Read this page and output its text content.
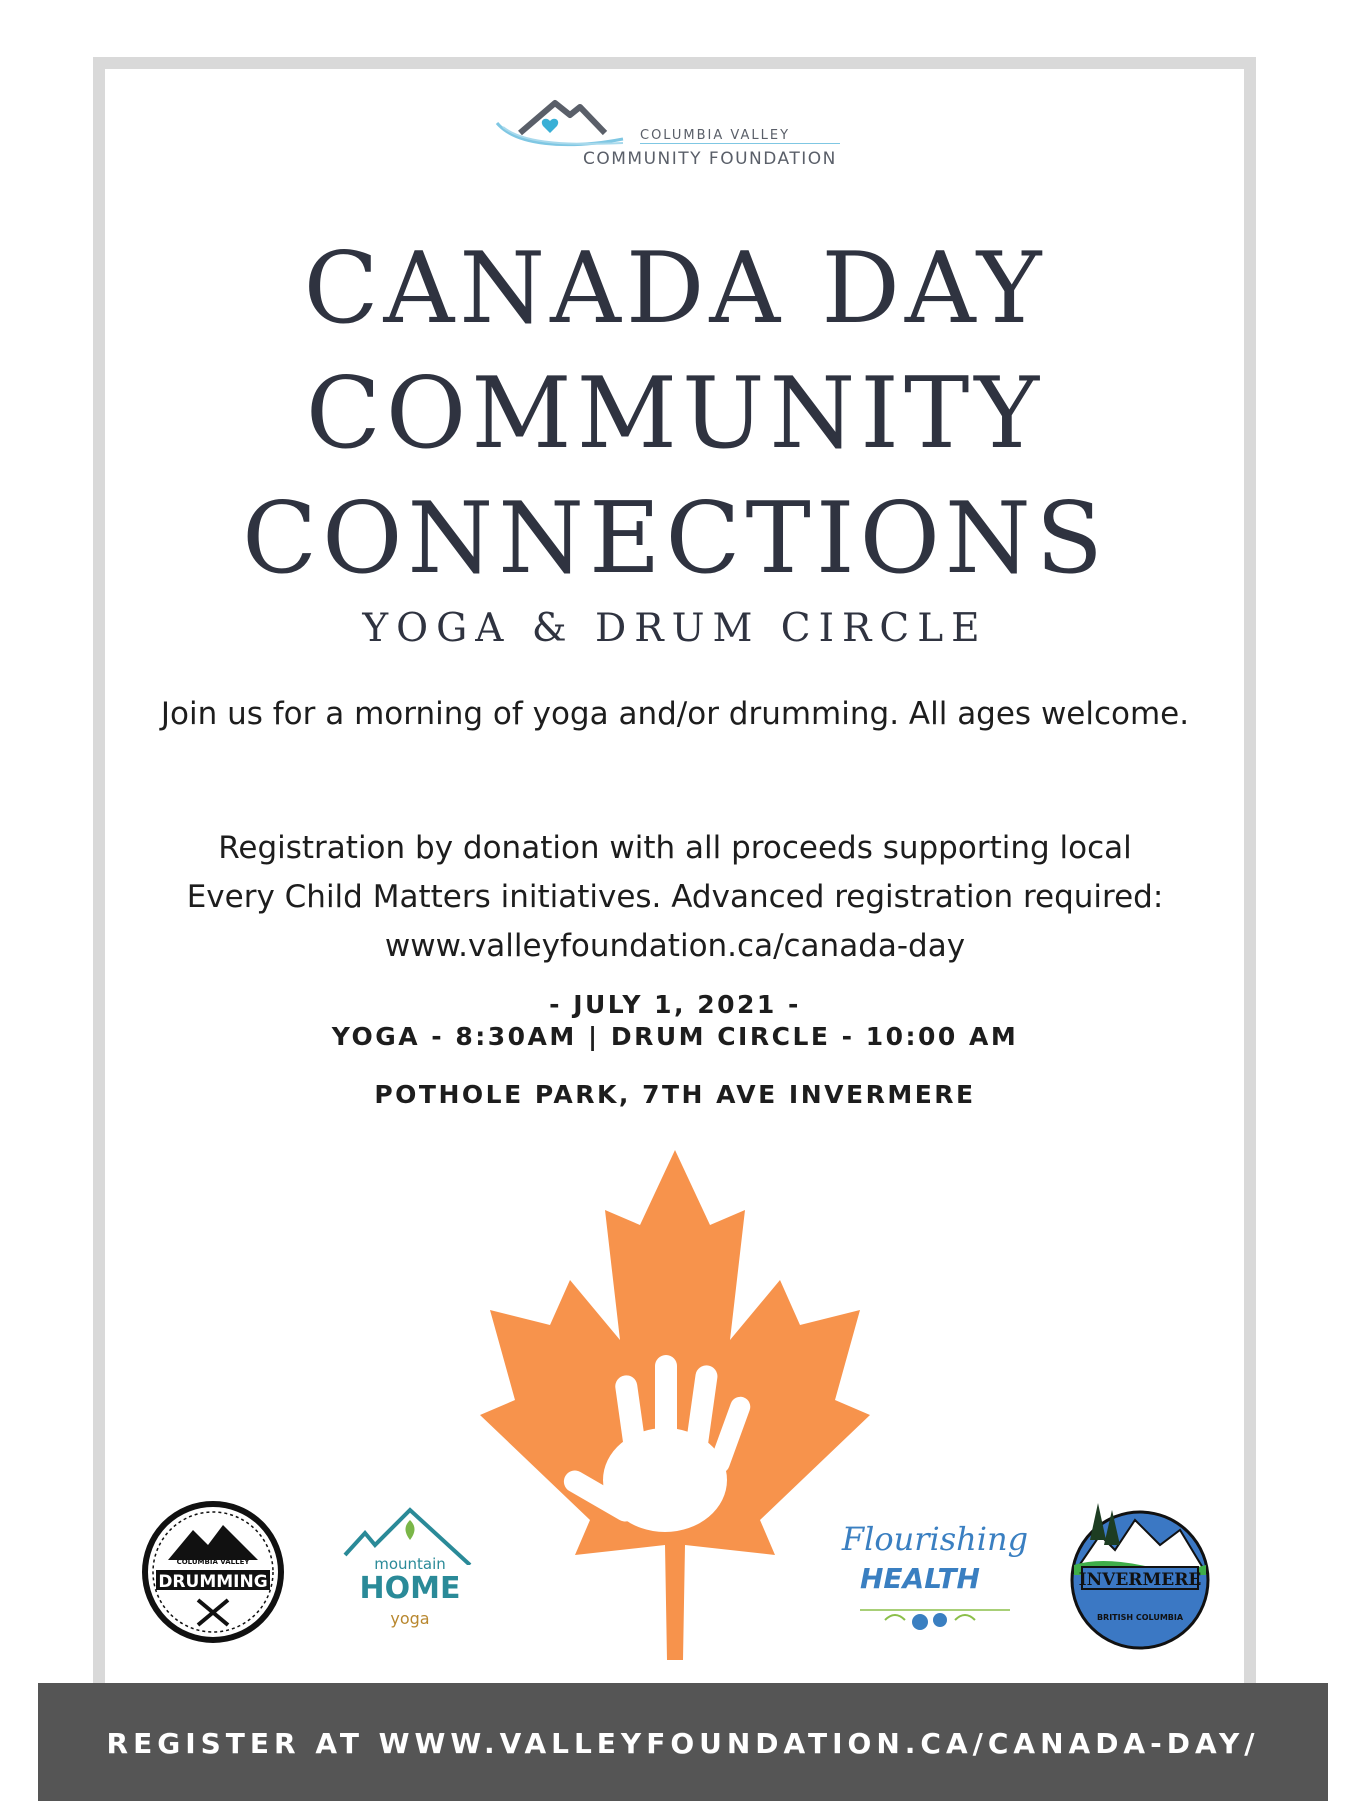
COLUMBIA VALLEY
COMMUNITY FOUNDATION
CANADA DAY
COMMUNITY
CONNECTIONS
YOGA & DRUM CIRCLE
Join us for a morning of yoga and/or drumming. All ages welcome.
Registration by donation with all proceeds supporting local
Every Child Matters initiatives. Advanced registration required:
www.valleyfoundation.ca/canada-day
- JULY 1, 2021 -
YOGA - 8:30AM | DRUM CIRCLE - 10:00 AM
POTHOLE PARK, 7TH AVE INVERMERE
COLUMBIA VALLEY
DRUMMING
mountain
HOME
yoga
Flourishing
HEALTH	INVERMERE
BRITISH COLUMBIA
REGISTER AT WWW.VALLEYFOUNDATION.CA/CANADA-DAY/
